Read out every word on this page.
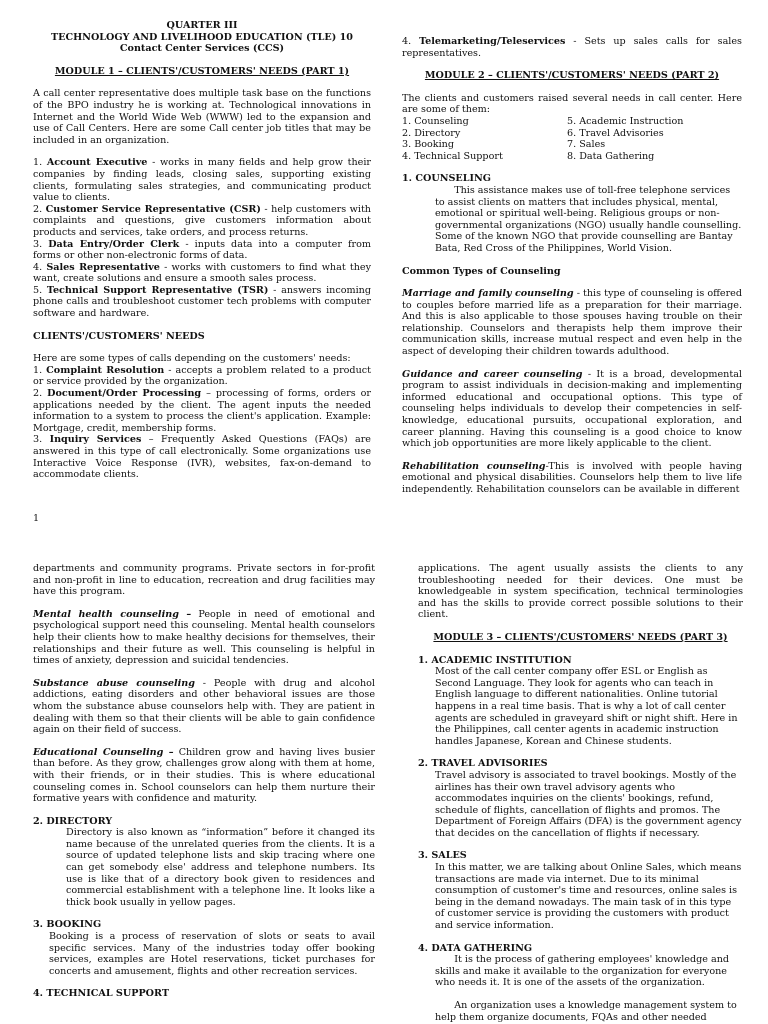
QUARTER III

TECHNOLOGY AND LIVELIHOOD EDUCATION (TLE) 10

Contact Center Services (CCS)

MODULE 1 – CLIENTS'/CUSTOMERS' NEEDS (PART 1)

A call center representative does multiple task base on the functions of the BPO industry he is working at. Technological innovations in Internet and the World Wide Web (WWW) led to the expansion and use of Call Centers. Here are some Call center job titles that may be included in an organization.

1. Account Executive - works in many fields and help grow their companies by finding leads, closing sales, supporting existing clients, formulating sales strategies, and communicating product value to clients.

2. Customer Service Representative (CSR) - help customers with complaints and questions, give customers information about products and services, take orders, and process returns.

3. Data Entry/Order Clerk - inputs data into a computer from forms or other non-electronic forms of data.

4. Sales Representative - works with customers to find what they want, create solutions and ensure a smooth sales process.

5. Technical Support Representative (TSR) - answers incoming phone calls and troubleshoot customer tech problems with computer software and hardware.

CLIENTS'/CUSTOMERS' NEEDS

Here are some types of calls depending on the customers' needs:

1. Complaint Resolution - accepts a problem related to a product or service provided by the organization.

2. Document/Order Processing – processing of forms, orders or applications needed by the client. The agent inputs the needed information to a system to process the client's application. Example: Mortgage, credit, membership forms.

3. Inquiry Services – Frequently Asked Questions (FAQs) are answered in this type of call electronically. Some organizations use Interactive Voice Response (IVR), websites, fax-on-demand to accommodate clients.

1

4. Telemarketing/Teleservices - Sets up sales calls for sales representatives.

MODULE 2 – CLIENTS'/CUSTOMERS' NEEDS (PART 2)

The clients and customers raised several needs in call center. Here are some of them:

1. Counseling

2. Directory

3. Booking

4. Technical Support

5. Academic Instruction

6. Travel Advisories

7. Sales

8. Data Gathering

1. COUNSELING

This assistance makes use of toll-free telephone services to assist clients on matters that includes physical, mental, emotional or spiritual well-being. Religious groups or non-governmental organizations (NGO) usually handle counselling. Some of the known NGO that provide counselling are Bantay Bata, Red Cross of the Philippines, World Vision.

Common Types of Counseling

Marriage and family counseling - this type of counseling is offered to couples before married life as a preparation for their marriage. And this is also applicable to those spouses having trouble on their relationship. Counselors and therapists help them improve their communication skills, increase mutual respect and even help in the aspect of developing their children towards adulthood.

Guidance and career counseling - It is a broad, developmental program to assist individuals in decision-making and implementing informed educational and occupational options. This type of counseling helps individuals to develop their competencies in self-knowledge, educational pursuits, occupational exploration, and career planning. Having this counseling is a good choice to know which job opportunities are more likely applicable to the client.

Rehabilitation counseling-This is involved with people having emotional and physical disabilities. Counselors help them to live life independently. Rehabilitation counselors can be available in different

departments and community programs. Private sectors in for-profit and non-profit in line to education, recreation and drug facilities may have this program.

Mental health counseling – People in need of emotional and psychological support need this counseling. Mental health counselors help their clients how to make healthy decisions for themselves, their relationships and their future as well. This counseling is helpful in times of anxiety, depression and suicidal tendencies.

Substance abuse counseling - People with drug and alcohol addictions, eating disorders and other behavioral issues are those whom the substance abuse counselors help with. They are patient in dealing with them so that their clients will be able to gain confidence again on their field of success.

Educational Counseling – Children grow and having lives busier than before. As they grow, challenges grow along with them at home, with their friends, or in their studies. This is where educational counseling comes in. School counselors can help them nurture their formative years with confidence and maturity.

2. DIRECTORY

Directory is also known as “information” before it changed its name because of the unrelated queries from the clients. It is a source of updated telephone lists and skip tracing where one can get somebody else' address and telephone numbers. Its use is like that of a directory book given to residences and commercial establishment with a telephone line. It looks like a thick book usually in yellow pages.

3. BOOKING

Booking is a process of reservation of slots or seats to avail specific services. Many of the industries today offer booking services, examples are Hotel reservations, ticket purchases for concerts and amusement, flights and other recreation services.

4. TECHNICAL SUPPORT

applications. The agent usually assists the clients to any troubleshooting needed for their devices. One must be knowledgeable in system specification, technical terminologies and has the skills to provide correct possible solutions to their client.

MODULE 3 – CLIENTS'/CUSTOMERS' NEEDS (PART 3)

1. ACADEMIC INSTITUTION

Most of the call center company offer ESL or English as Second Language. They look for agents who can teach in English language to different nationalities. Online tutorial happens in a real time basis. That is why a lot of call center agents are scheduled in graveyard shift or night shift. Here in the Philippines, call center agents in academic instruction handles Japanese, Korean and Chinese students.

2. TRAVEL ADVISORIES

Travel advisory is associated to travel bookings. Mostly of the airlines has their own travel advisory agents who accommodates inquiries on the clients' bookings, refund, schedule of flights, cancellation of flights and promos. The Department of Foreign Affairs (DFA) is the government agency that decides on the cancellation of flights if necessary.

3. SALES

In this matter, we are talking about Online Sales, which means transactions are made via internet. Due to its minimal consumption of customer's time and resources, online sales is being in the demand nowadays. The main task of in this type of customer service is providing the customers with product and service information.

4. DATA GATHERING

It is the process of gathering employees' knowledge and skills and make it available to the organization for everyone who needs it. It is one of the assets of the organization.

An organization uses a knowledge management system to help them organize documents, FQAs and other needed
